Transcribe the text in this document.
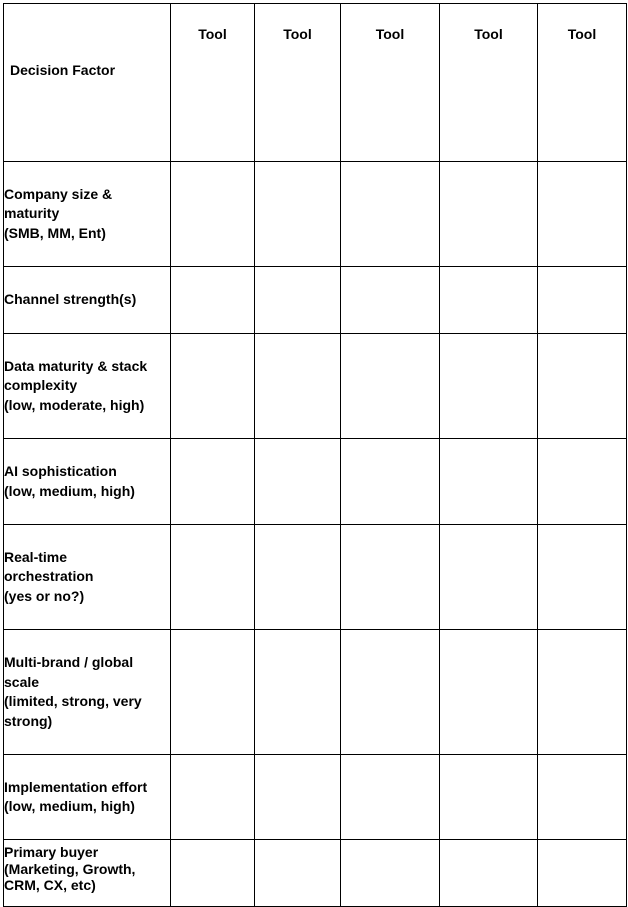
Decision Factor	Tool	Tool	Tool	Tool	Tool

Company size &
maturity
(SMB, MM, Ent)					

Channel strength(s)					

Data maturity & stack
complexity
(low, moderate, high)					

AI sophistication
(low, medium, high)					

Real-time
orchestration
(yes or no?)					

Multi-brand / global
scale
(limited, strong, very
strong)					

Implementation effort
(low, medium, high)					

Primary buyer
(Marketing, Growth,
CRM, CX, etc)					
